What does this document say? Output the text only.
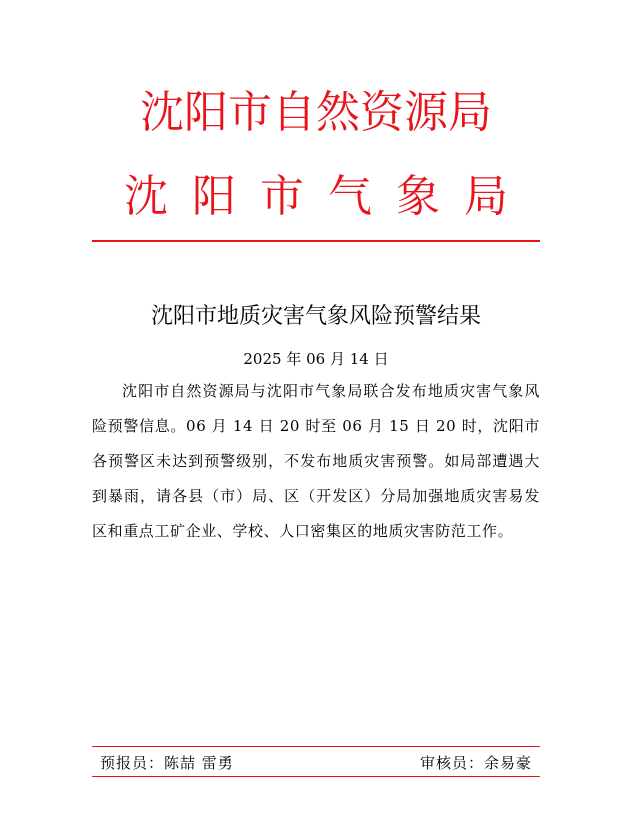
沈阳市自然资源局
沈阳市气象局
沈阳市地质灾害气象风险预警结果
2025 年 06 月 14 日
沈阳市自然资源局与沈阳市气象局联合发布地质灾害气象风险预警信息。06 月 14 日 20 时至 06 月 15 日 20 时，沈阳市各预警区未达到预警级别，不发布地质灾害预警。如局部遭遇大到暴雨，请各县（市）局、区（开发区）分局加强地质灾害易发区和重点工矿企业、学校、人口密集区的地质灾害防范工作。
预报员：陈喆 雷勇	审核员：余易豪
